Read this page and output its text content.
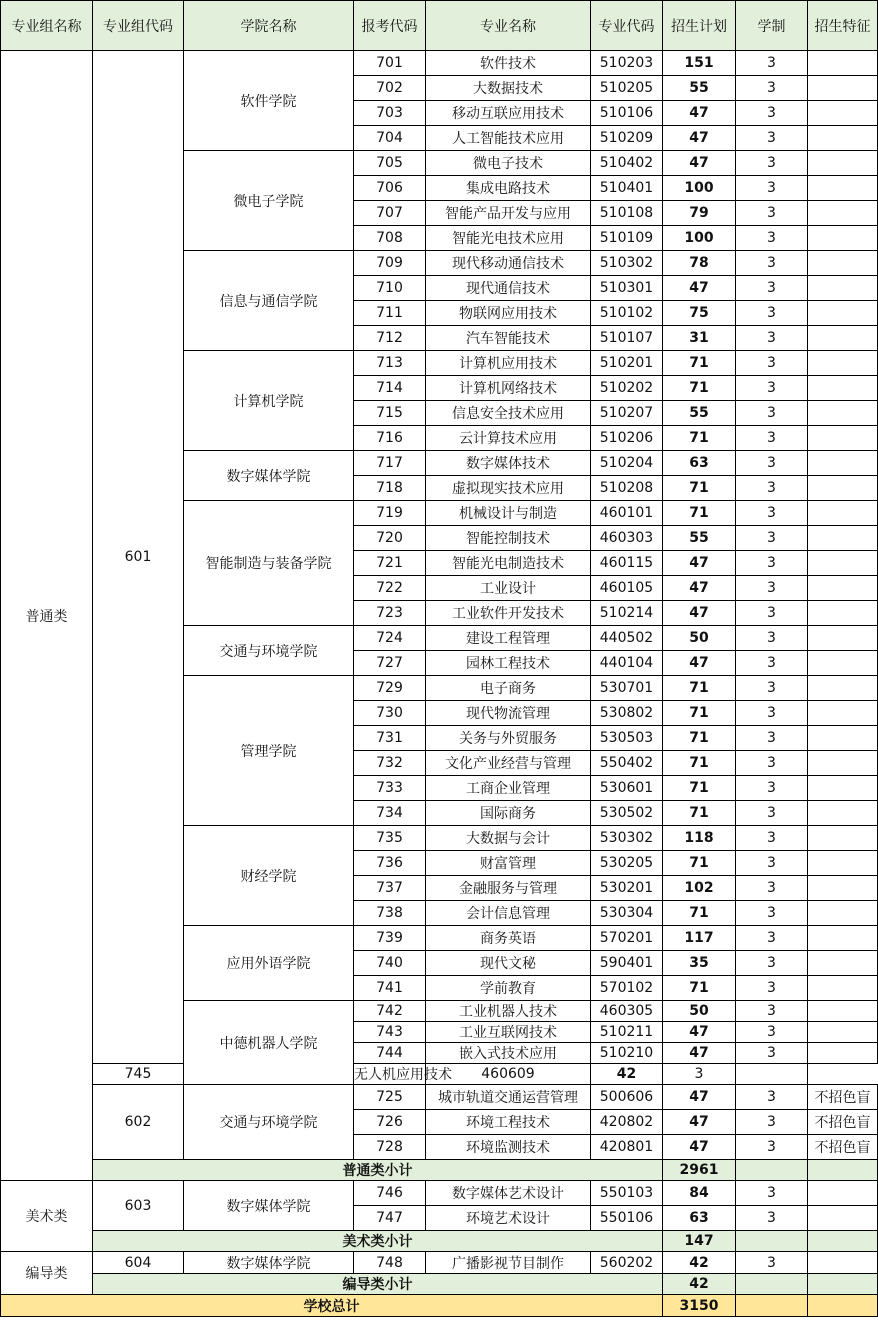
专业组名称	专业组代码	学院名称	报考代码	专业名称	专业代码	招生计划	学制	招生特征
普通类	601	软件学院	701	软件技术	510203	151	3	
			702	大数据技术	510205	55	3	
			703	移动互联应用技术	510106	47	3	
			704	人工智能技术应用	510209	47	3	
		微电子学院	705	微电子技术	510402	47	3	
			706	集成电路技术	510401	100	3	
			707	智能产品开发与应用	510108	79	3	
			708	智能光电技术应用	510109	100	3	
		信息与通信学院	709	现代移动通信技术	510302	78	3	
			710	现代通信技术	510301	47	3	
			711	物联网应用技术	510102	75	3	
			712	汽车智能技术	510107	31	3	
		计算机学院	713	计算机应用技术	510201	71	3	
			714	计算机网络技术	510202	71	3	
			715	信息安全技术应用	510207	55	3	
			716	云计算技术应用	510206	71	3	
		数字媒体学院	717	数字媒体技术	510204	63	3	
			718	虚拟现实技术应用	510208	71	3	
		智能制造与装备学院	719	机械设计与制造	460101	71	3	
			720	智能控制技术	460303	55	3	
			721	智能光电制造技术	460115	47	3	
			722	工业设计	460105	47	3	
			723	工业软件开发技术	510214	47	3	
		交通与环境学院	724	建设工程管理	440502	50	3	
			727	园林工程技术	440104	47	3	
		管理学院	729	电子商务	530701	71	3	
			730	现代物流管理	530802	71	3	
			731	关务与外贸服务	530503	71	3	
			732	文化产业经营与管理	550402	71	3	
			733	工商企业管理	530601	71	3	
			734	国际商务	530502	71	3	
		财经学院	735	大数据与会计	530302	118	3	
			736	财富管理	530205	71	3	
			737	金融服务与管理	530201	102	3	
			738	会计信息管理	530304	71	3	
		应用外语学院	739	商务英语	570201	117	3	
			740	现代文秘	590401	35	3	
			741	学前教育	570102	71	3	
		中德机器人学院	742	工业机器人技术	460305	50	3	
			743	工业互联网技术	510211	47	3	
			744	嵌入式技术应用	510210	47	3	
	745		无人机应用技术	460609	42	3		
	602	交通与环境学院	725	城市轨道交通运营管理	500606	47	3	不招色盲
			726	环境工程技术	420802	47	3	不招色盲
			728	环境监测技术	420801	47	3	不招色盲
	普通类小计					2961		
美术类	603	数字媒体学院	746	数字媒体艺术设计	550103	84	3	
			747	环境艺术设计	550106	63	3	
	美术类小计					147		
编导类	604	数字媒体学院	748	广播影视节目制作	560202	42	3	
	编导类小计					42		
学校总计						3150		
